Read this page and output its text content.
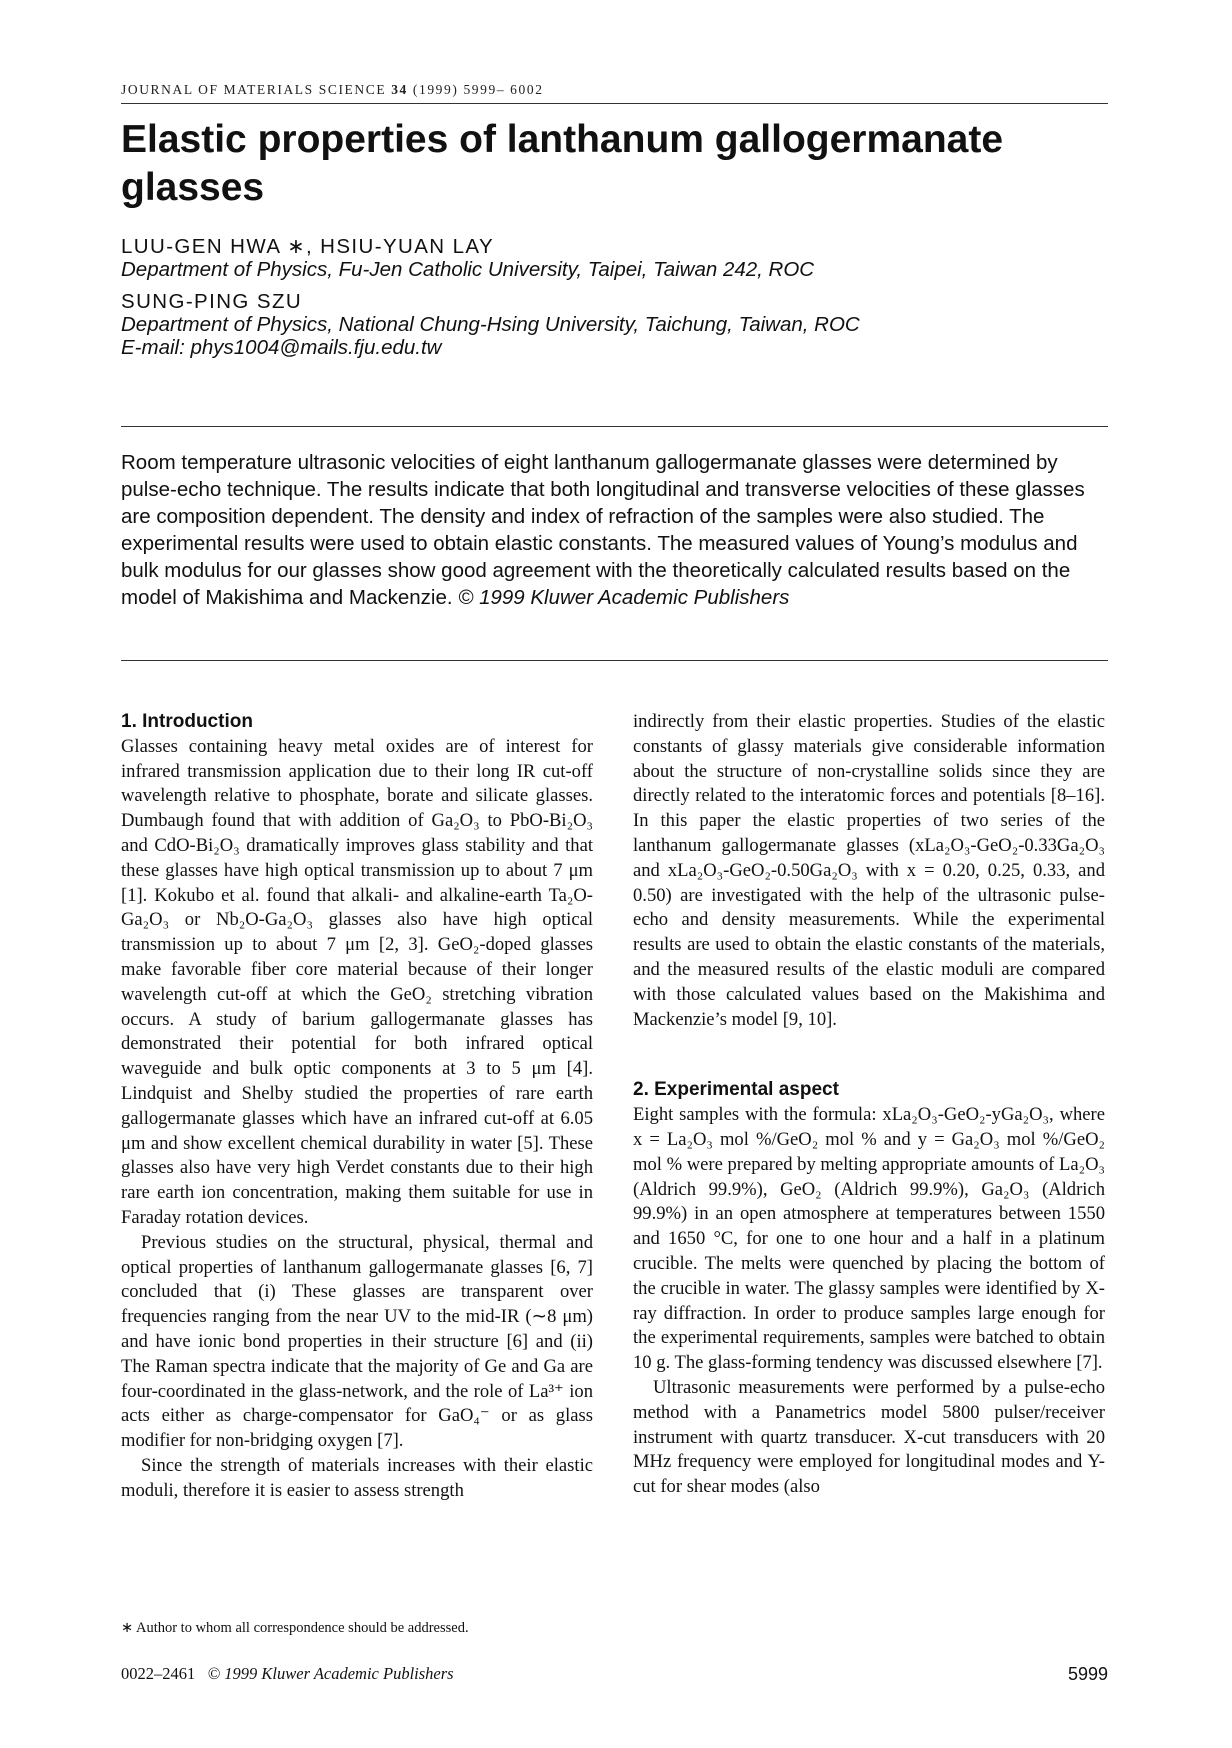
JOURNAL OF MATERIALS SCIENCE 34 (1999) 5999– 6002
Elastic properties of lanthanum gallogermanate glasses
LUU-GEN HWA ∗, HSIU-YUAN LAY
Department of Physics, Fu-Jen Catholic University, Taipei, Taiwan 242, ROC
SUNG-PING SZU
Department of Physics, National Chung-Hsing University, Taichung, Taiwan, ROC
E-mail: phys1004@mails.fju.edu.tw

Room temperature ultrasonic velocities of eight lanthanum gallogermanate glasses were determined by pulse-echo technique. The results indicate that both longitudinal and transverse velocities of these glasses are composition dependent. The density and index of refraction of the samples were also studied. The experimental results were used to obtain elastic constants. The measured values of Young’s modulus and bulk modulus for our glasses show good agreement with the theoretically calculated results based on the model of Makishima and Mackenzie. © 1999 Kluwer Academic Publishers

1. Introduction

Glasses containing heavy metal oxides are of interest for infrared transmission application due to their long IR cut-off wavelength relative to phosphate, borate and silicate glasses. Dumbaugh found that with addition of Ga₂O₃ to PbO-Bi₂O₃ and CdO-Bi₂O₃ dramatically improves glass stability and that these glasses have high optical transmission up to about 7 μm [1]. Kokubo et al. found that alkali- and alkaline-earth Ta₂O-Ga₂O₃ or Nb₂O-Ga₂O₃ glasses also have high optical transmission up to about 7 μm [2, 3]. GeO₂-doped glasses make favorable fiber core material because of their longer wavelength cut-off at which the GeO₂ stretching vibration occurs. A study of barium gallogermanate glasses has demonstrated their potential for both infrared optical waveguide and bulk optic components at 3 to 5 μm [4]. Lindquist and Shelby studied the properties of rare earth gallogermanate glasses which have an infrared cut-off at 6.05 μm and show excellent chemical durability in water [5]. These glasses also have very high Verdet constants due to their high rare earth ion concentration, making them suitable for use in Faraday rotation devices.

Previous studies on the structural, physical, thermal and optical properties of lanthanum gallogermanate glasses [6, 7] concluded that (i) These glasses are transparent over frequencies ranging from the near UV to the mid-IR (∼8 μm) and have ionic bond properties in their structure [6] and (ii) The Raman spectra indicate that the majority of Ge and Ga are four-coordinated in the glass-network, and the role of La³⁺ ion acts either as charge-compensator for GaO₄⁻ or as glass modifier for non-bridging oxygen [7].

Since the strength of materials increases with their elastic moduli, therefore it is easier to assess strength

indirectly from their elastic properties. Studies of the elastic constants of glassy materials give considerable information about the structure of non-crystalline solids since they are directly related to the interatomic forces and potentials [8–16]. In this paper the elastic properties of two series of the lanthanum gallogermanate glasses (xLa₂O₃-GeO₂-0.33Ga₂O₃ and xLa₂O₃-GeO₂-0.50Ga₂O₃ with x = 0.20, 0.25, 0.33, and 0.50) are investigated with the help of the ultrasonic pulse-echo and density measurements. While the experimental results are used to obtain the elastic constants of the materials, and the measured results of the elastic moduli are compared with those calculated values based on the Makishima and Mackenzie’s model [9, 10].

2. Experimental aspect

Eight samples with the formula: xLa₂O₃-GeO₂-yGa₂O₃, where x = La₂O₃ mol %/GeO₂ mol % and y = Ga₂O₃ mol %/GeO₂ mol % were prepared by melting appropriate amounts of La₂O₃ (Aldrich 99.9%), GeO₂ (Aldrich 99.9%), Ga₂O₃ (Aldrich 99.9%) in an open atmosphere at temperatures between 1550 and 1650 °C, for one to one hour and a half in a platinum crucible. The melts were quenched by placing the bottom of the crucible in water. The glassy samples were identified by X-ray diffraction. In order to produce samples large enough for the experimental requirements, samples were batched to obtain 10 g. The glass-forming tendency was discussed elsewhere [7].

Ultrasonic measurements were performed by a pulse-echo method with a Panametrics model 5800 pulser/receiver instrument with quartz transducer. X-cut transducers with 20 MHz frequency were employed for longitudinal modes and Y-cut for shear modes (also

∗ Author to whom all correspondence should be addressed.
0022–2461 © 1999 Kluwer Academic Publishers	5999
